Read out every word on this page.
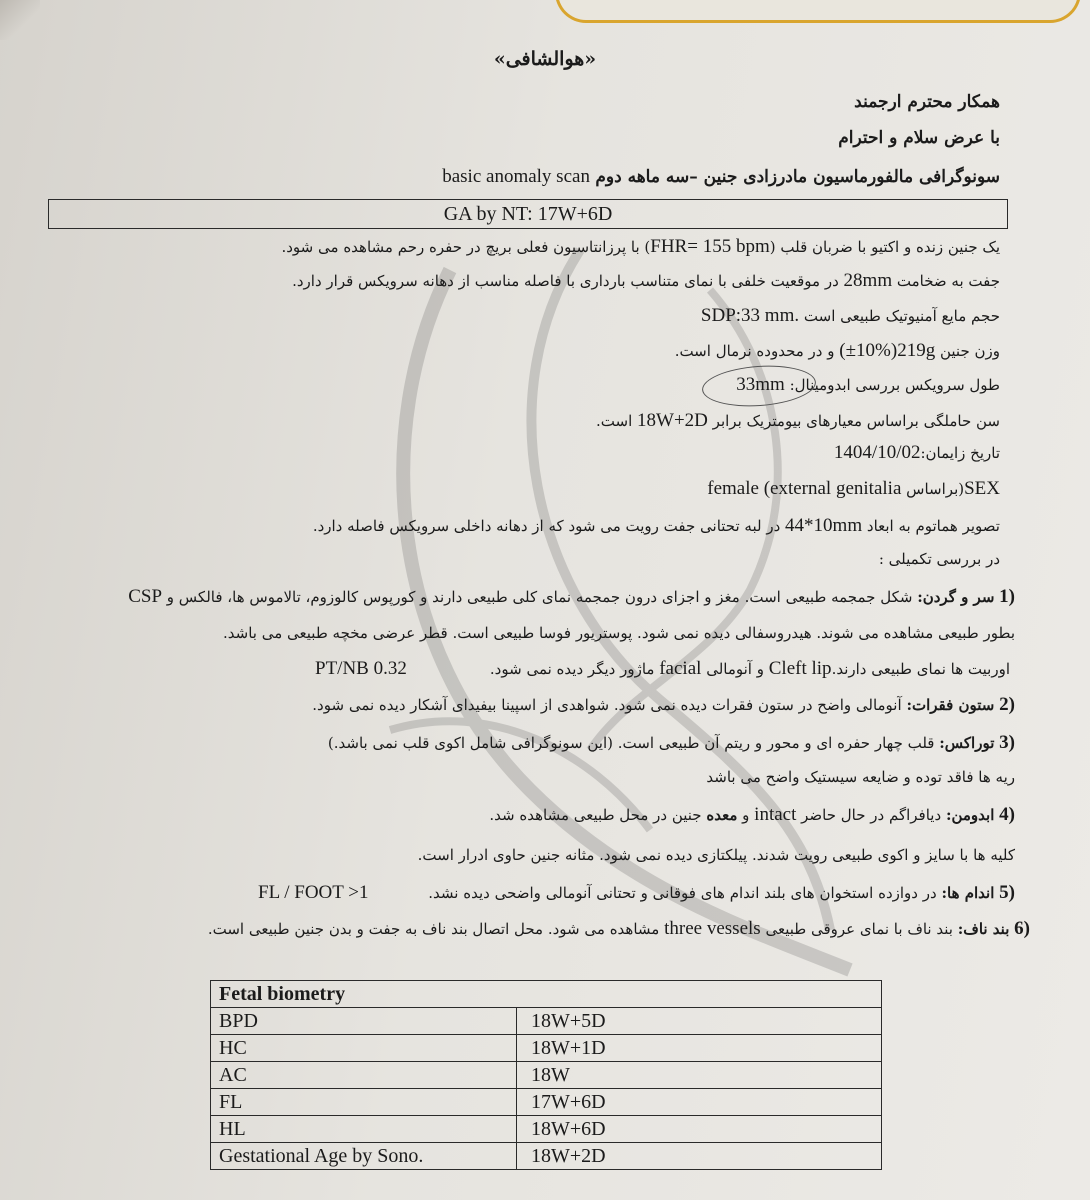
«هوالشافی»
همکار محترم ارجمند
با عرض سلام و احترام
سونوگرافی مالفورماسیون مادرزادی جنین –سه ماهه دوم basic anomaly scan
GA by NT: 17W+6D
یک جنین زنده و اکتیو با ضربان قلب (FHR= 155 bpm) با پرزانتاسیون فعلی بریچ در حفره رحم مشاهده می شود.
جفت به ضخامت 28mm در موقعیت خلفی با نمای متناسب بارداری با فاصله مناسب از دهانه سرویکس قرار دارد.
حجم مایع آمنیوتیک طبیعی است SDP:33 mm.
وزن جنین (±10%)219g و در محدوده نرمال است.
طول سرویکس بررسی ابدومینال: 33mm
سن حاملگی براساس معیارهای بیومتریک برابر 18W+2D است.
تاریخ زایمان:1404/10/02
SEX(براساس female (external genitalia
تصویر هماتوم به ابعاد 44*10mm در لبه تحتانی جفت رویت می شود که از دهانه داخلی سرویکس فاصله دارد.
در بررسی تکمیلی :
1) سر و گردن: شکل جمجمه طبیعی است. مغز و اجزای درون جمجمه نمای کلی طبیعی دارند و کورپوس کالوزوم، تالاموس ها، فالکس و CSP
بطور طبیعی مشاهده می شوند. هیدروسفالی دیده نمی شود. پوستریور فوسا طبیعی است. قطر عرضی مخچه طبیعی می باشد.
اوربیت ها نمای طبیعی دارند.Cleft lip و آنومالی facial ماژور دیگر دیده نمی شود.
PT/NB 0.32
2) ستون فقرات: آنومالی واضح در ستون فقرات دیده نمی شود. شواهدی از اسپینا بیفیدای آشکار دیده نمی شود.
3) توراکس: قلب چهار حفره ای و محور و ریتم آن طبیعی است. (این سونوگرافی شامل اکوی قلب نمی باشد.)
ریه ها فاقد توده و ضایعه سیستیک واضح می باشد
4) ابدومن: دیافراگم در حال حاضر intact و معده جنین در محل طبیعی مشاهده شد.
کلیه ها با سایز و اکوی طبیعی رویت شدند. پیلکتازی دیده نمی شود. مثانه جنین حاوی ادرار است.
5) اندام ها: در دوازده استخوان های بلند اندام های فوقانی و تحتانی آنومالی واضحی دیده نشد.
FL / FOOT >1
6) بند ناف: بند ناف با نمای عروقی طبیعی three vessels مشاهده می شود. محل اتصال بند ناف به جفت و بدن جنین طبیعی است.
Fetal biometry	
BPD	18W+5D
HC	18W+1D
AC	18W
FL	17W+6D
HL	18W+6D
Gestational Age by Sono.	18W+2D
